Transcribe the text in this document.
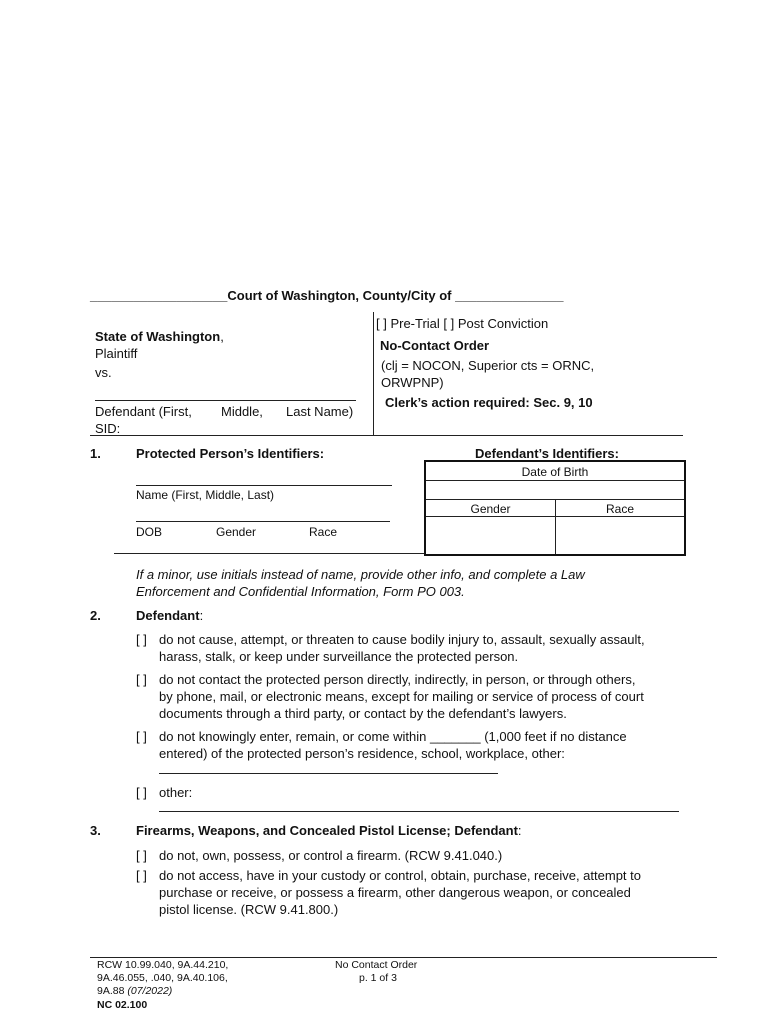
___________________Court of Washington, County/City of _______________
State of Washington,
Plaintiff
vs.
Defendant (First, Middle, Last Name)
SID:
[ ] Pre-Trial [ ] Post Conviction
No-Contact Order
(clj = NOCON, Superior cts = ORNC,
ORWPNP)
Clerk’s action required: Sec. 9, 10
1.	Protected Person’s Identifiers:	Defendant’s Identifiers:
Name (First, Middle, Last)
DOB	Gender	Race
Date of Birth
Gender	Race
If a minor, use initials instead of name, provide other info, and complete a Law
Enforcement and Confidential Information, Form PO 003.
2.	Defendant:
[ ] do not cause, attempt, or threaten to cause bodily injury to, assault, sexually assault,
harass, stalk, or keep under surveillance the protected person.
[ ] do not contact the protected person directly, indirectly, in person, or through others,
by phone, mail, or electronic means, except for mailing or service of process of court
documents through a third party, or contact by the defendant’s lawyers.
[ ] do not knowingly enter, remain, or come within _______ (1,000 feet if no distance
entered) of the protected person’s residence, school, workplace, other:
[ ] other:
3.	Firearms, Weapons, and Concealed Pistol License; Defendant:
[ ] do not, own, possess, or control a firearm. (RCW 9.41.040.)
[ ] do not access, have in your custody or control, obtain, purchase, receive, attempt to
purchase or receive, or possess a firearm, other dangerous weapon, or concealed
pistol license. (RCW 9.41.800.)
RCW 10.99.040, 9A.44.210,
9A.46.055, .040, 9A.40.106,
9A.88 (07/2022)
NC 02.100
No Contact Order
p. 1 of 3
